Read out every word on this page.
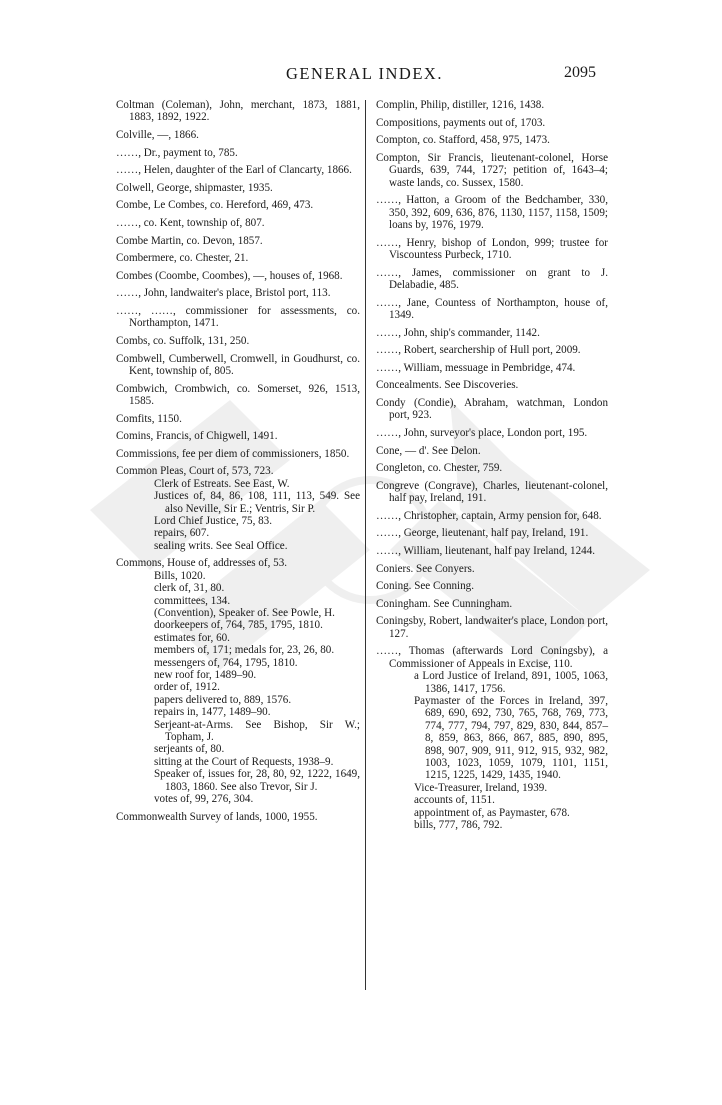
GENERAL INDEX.	2095
Coltman (Coleman), John, merchant, 1873, 1881, 1883, 1892, 1922.
Colville, —, 1866.
……, Dr., payment to, 785.
……, Helen, daughter of the Earl of Clancarty, 1866.
Colwell, George, shipmaster, 1935.
Combe, Le Combes, co. Hereford, 469, 473.
……, co. Kent, township of, 807.
Combe Martin, co. Devon, 1857.
Combermere, co. Chester, 21.
Combes (Coombe, Coombes), —, houses of, 1968.
……, John, landwaiter's place, Bristol port, 113.
……, ……, commissioner for assessments, co. Northampton, 1471.
Combs, co. Suffolk, 131, 250.
Combwell, Cumberwell, Cromwell, in Goudhurst, co. Kent, township of, 805.
Combwich, Crombwich, co. Somerset, 926, 1513, 1585.
Comfits, 1150.
Comins, Francis, of Chigwell, 1491.
Commissions, fee per diem of commissioners, 1850.
Common Pleas, Court of, 573, 723.
Clerk of Estreats. See East, W.
Justices of, 84, 86, 108, 111, 113, 549. See also Neville, Sir E.; Ventris, Sir P.
Lord Chief Justice, 75, 83.
repairs, 607.
sealing writs. See Seal Office.
Commons, House of, addresses of, 53.
Bills, 1020.
clerk of, 31, 80.
committees, 134.
(Convention), Speaker of. See Powle, H.
doorkeepers of, 764, 785, 1795, 1810.
estimates for, 60.
members of, 171; medals for, 23, 26, 80.
messengers of, 764, 1795, 1810.
new roof for, 1489–90.
order of, 1912.
papers delivered to, 889, 1576.
repairs in, 1477, 1489–90.
Serjeant-at-Arms. See Bishop, Sir W.; Topham, J.
serjeants of, 80.
sitting at the Court of Requests, 1938–9.
Speaker of, issues for, 28, 80, 92, 1222, 1649, 1803, 1860. See also Trevor, Sir J.
votes of, 99, 276, 304.
Commonwealth Survey of lands, 1000, 1955.
Complin, Philip, distiller, 1216, 1438.
Compositions, payments out of, 1703.
Compton, co. Stafford, 458, 975, 1473.
Compton, Sir Francis, lieutenant-colonel, Horse Guards, 639, 744, 1727; petition of, 1643–4; waste lands, co. Sussex, 1580.
……, Hatton, a Groom of the Bedchamber, 330, 350, 392, 609, 636, 876, 1130, 1157, 1158, 1509; loans by, 1976, 1979.
……, Henry, bishop of London, 999; trustee for Viscountess Purbeck, 1710.
……, James, commissioner on grant to J. Delabadie, 485.
……, Jane, Countess of Northampton, house of, 1349.
……, John, ship's commander, 1142.
……, Robert, searchership of Hull port, 2009.
……, William, messuage in Pembridge, 474.
Concealments. See Discoveries.
Condy (Condie), Abraham, watchman, London port, 923.
……, John, surveyor's place, London port, 195.
Cone, — d'. See Delon.
Congleton, co. Chester, 759.
Congreve (Congrave), Charles, lieutenant-colonel, half pay, Ireland, 191.
……, Christopher, captain, Army pension for, 648.
……, George, lieutenant, half pay, Ireland, 191.
……, William, lieutenant, half pay Ireland, 1244.
Coniers. See Conyers.
Coning. See Conning.
Coningham. See Cunningham.
Coningsby, Robert, landwaiter's place, London port, 127.
……, Thomas (afterwards Lord Coningsby), a Commissioner of Appeals in Excise, 110.
a Lord Justice of Ireland, 891, 1005, 1063, 1386, 1417, 1756.
Paymaster of the Forces in Ireland, 397, 689, 690, 692, 730, 765, 768, 769, 773, 774, 777, 794, 797, 829, 830, 844, 857–8, 859, 863, 866, 867, 885, 890, 895, 898, 907, 909, 911, 912, 915, 932, 982, 1003, 1023, 1059, 1079, 1101, 1151, 1215, 1225, 1429, 1435, 1940.
Vice-Treasurer, Ireland, 1939.
accounts of, 1151.
appointment of, as Paymaster, 678.
bills, 777, 786, 792.
